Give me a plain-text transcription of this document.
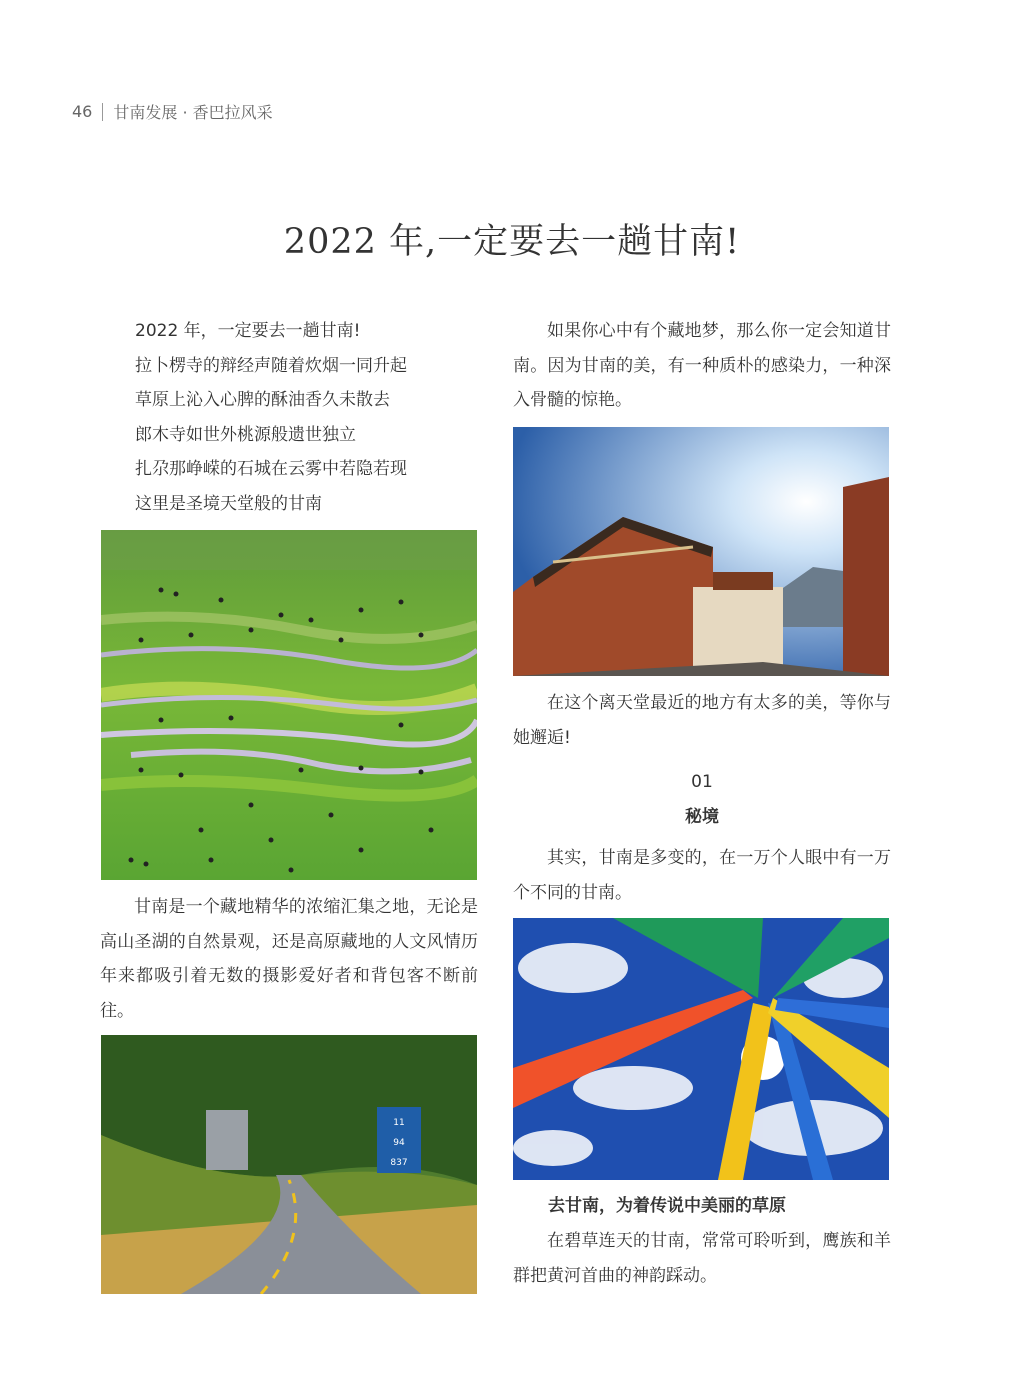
46 甘南发展 · 香巴拉风采
2022 年,一定要去一趟甘南!
2022 年，一定要去一趟甘南!
拉卜楞寺的辩经声随着炊烟一同升起
草原上沁入心脾的酥油香久未散去
郎木寺如世外桃源般遗世独立
扎尕那峥嵘的石城在云雾中若隐若现
这里是圣境天堂般的甘南

甘南是一个藏地精华的浓缩汇集之地，无论是高山圣湖的自然景观，还是高原藏地的人文风情历年来都吸引着无数的摄影爱好者和背包客不断前往。

11
94
837

如果你心中有个藏地梦，那么你一定会知道甘南。因为甘南的美，有一种质朴的感染力，一种深入骨髓的惊艳。

在这个离天堂最近的地方有太多的美，等你与她邂逅!

01

秘境

其实，甘南是多变的，在一万个人眼中有一万个不同的甘南。

去甘南，为着传说中美丽的草原

在碧草连天的甘南，常常可聆听到，鹰族和羊群把黄河首曲的神韵踩动。
